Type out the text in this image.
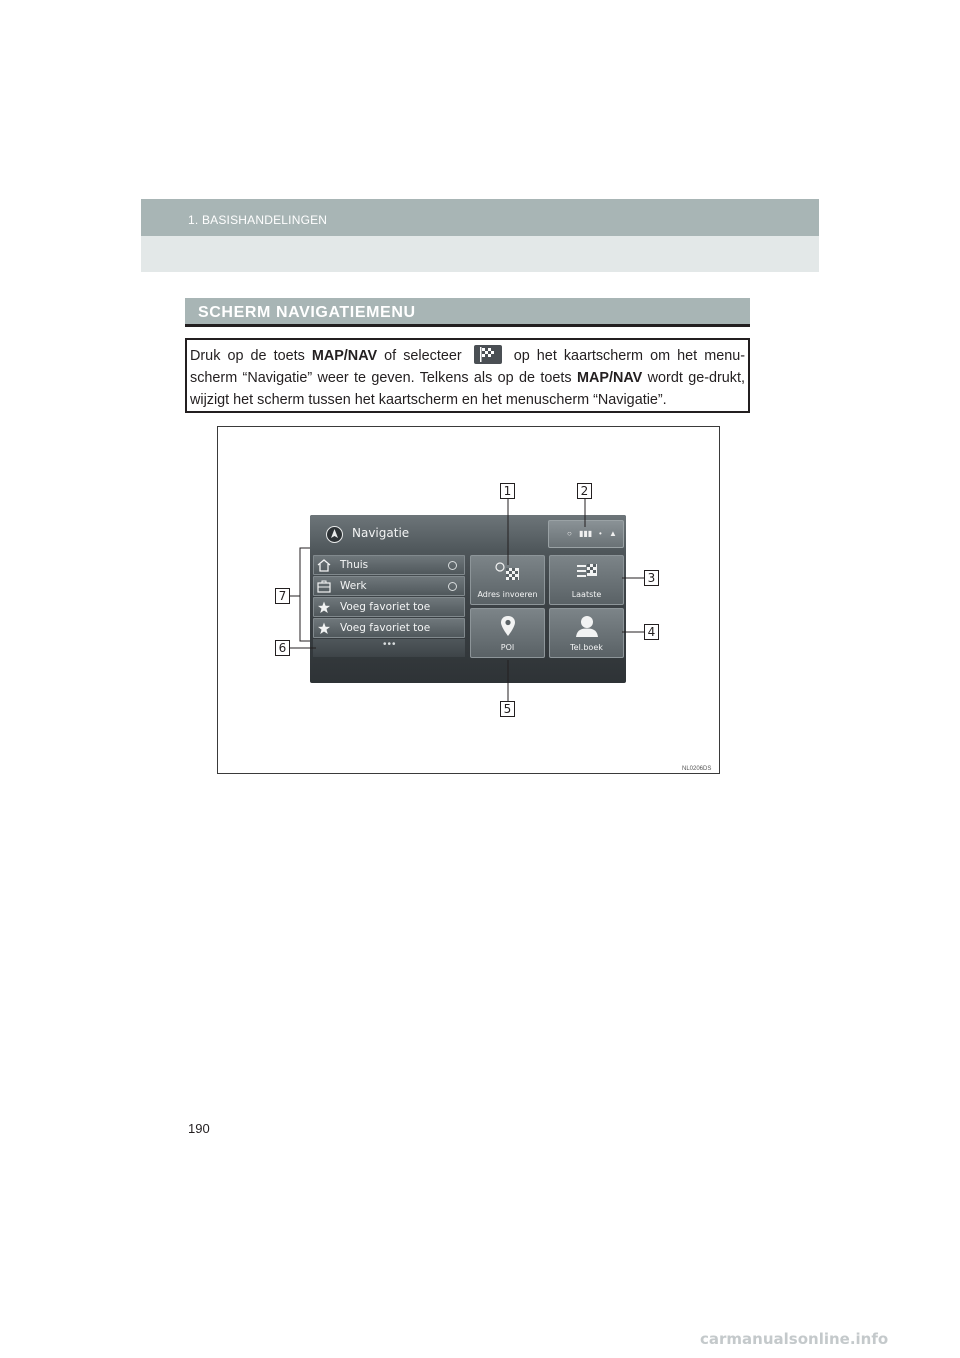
1. BASISHANDELINGEN
SCHERM NAVIGATIEMENU

Druk op de toets MAP/NAV of selecteer	op het kaartscherm om het menu-scherm “Navigatie” weer te geven. Telkens als op de toets MAP/NAV wordt ge-drukt, wijzigt het scherm tussen het kaartscherm en het menuscherm “Navigatie”.

Navigatie	○ ▮▮▮ • ▲
Thuis
Werk
Voeg favoriet toe
Voeg favoriet toe
•••
Adres invoeren	Laatste
POI	Tel.boek
1	2
3
4
5
6
7
NL0206DS
190
carmanualsonline.info
